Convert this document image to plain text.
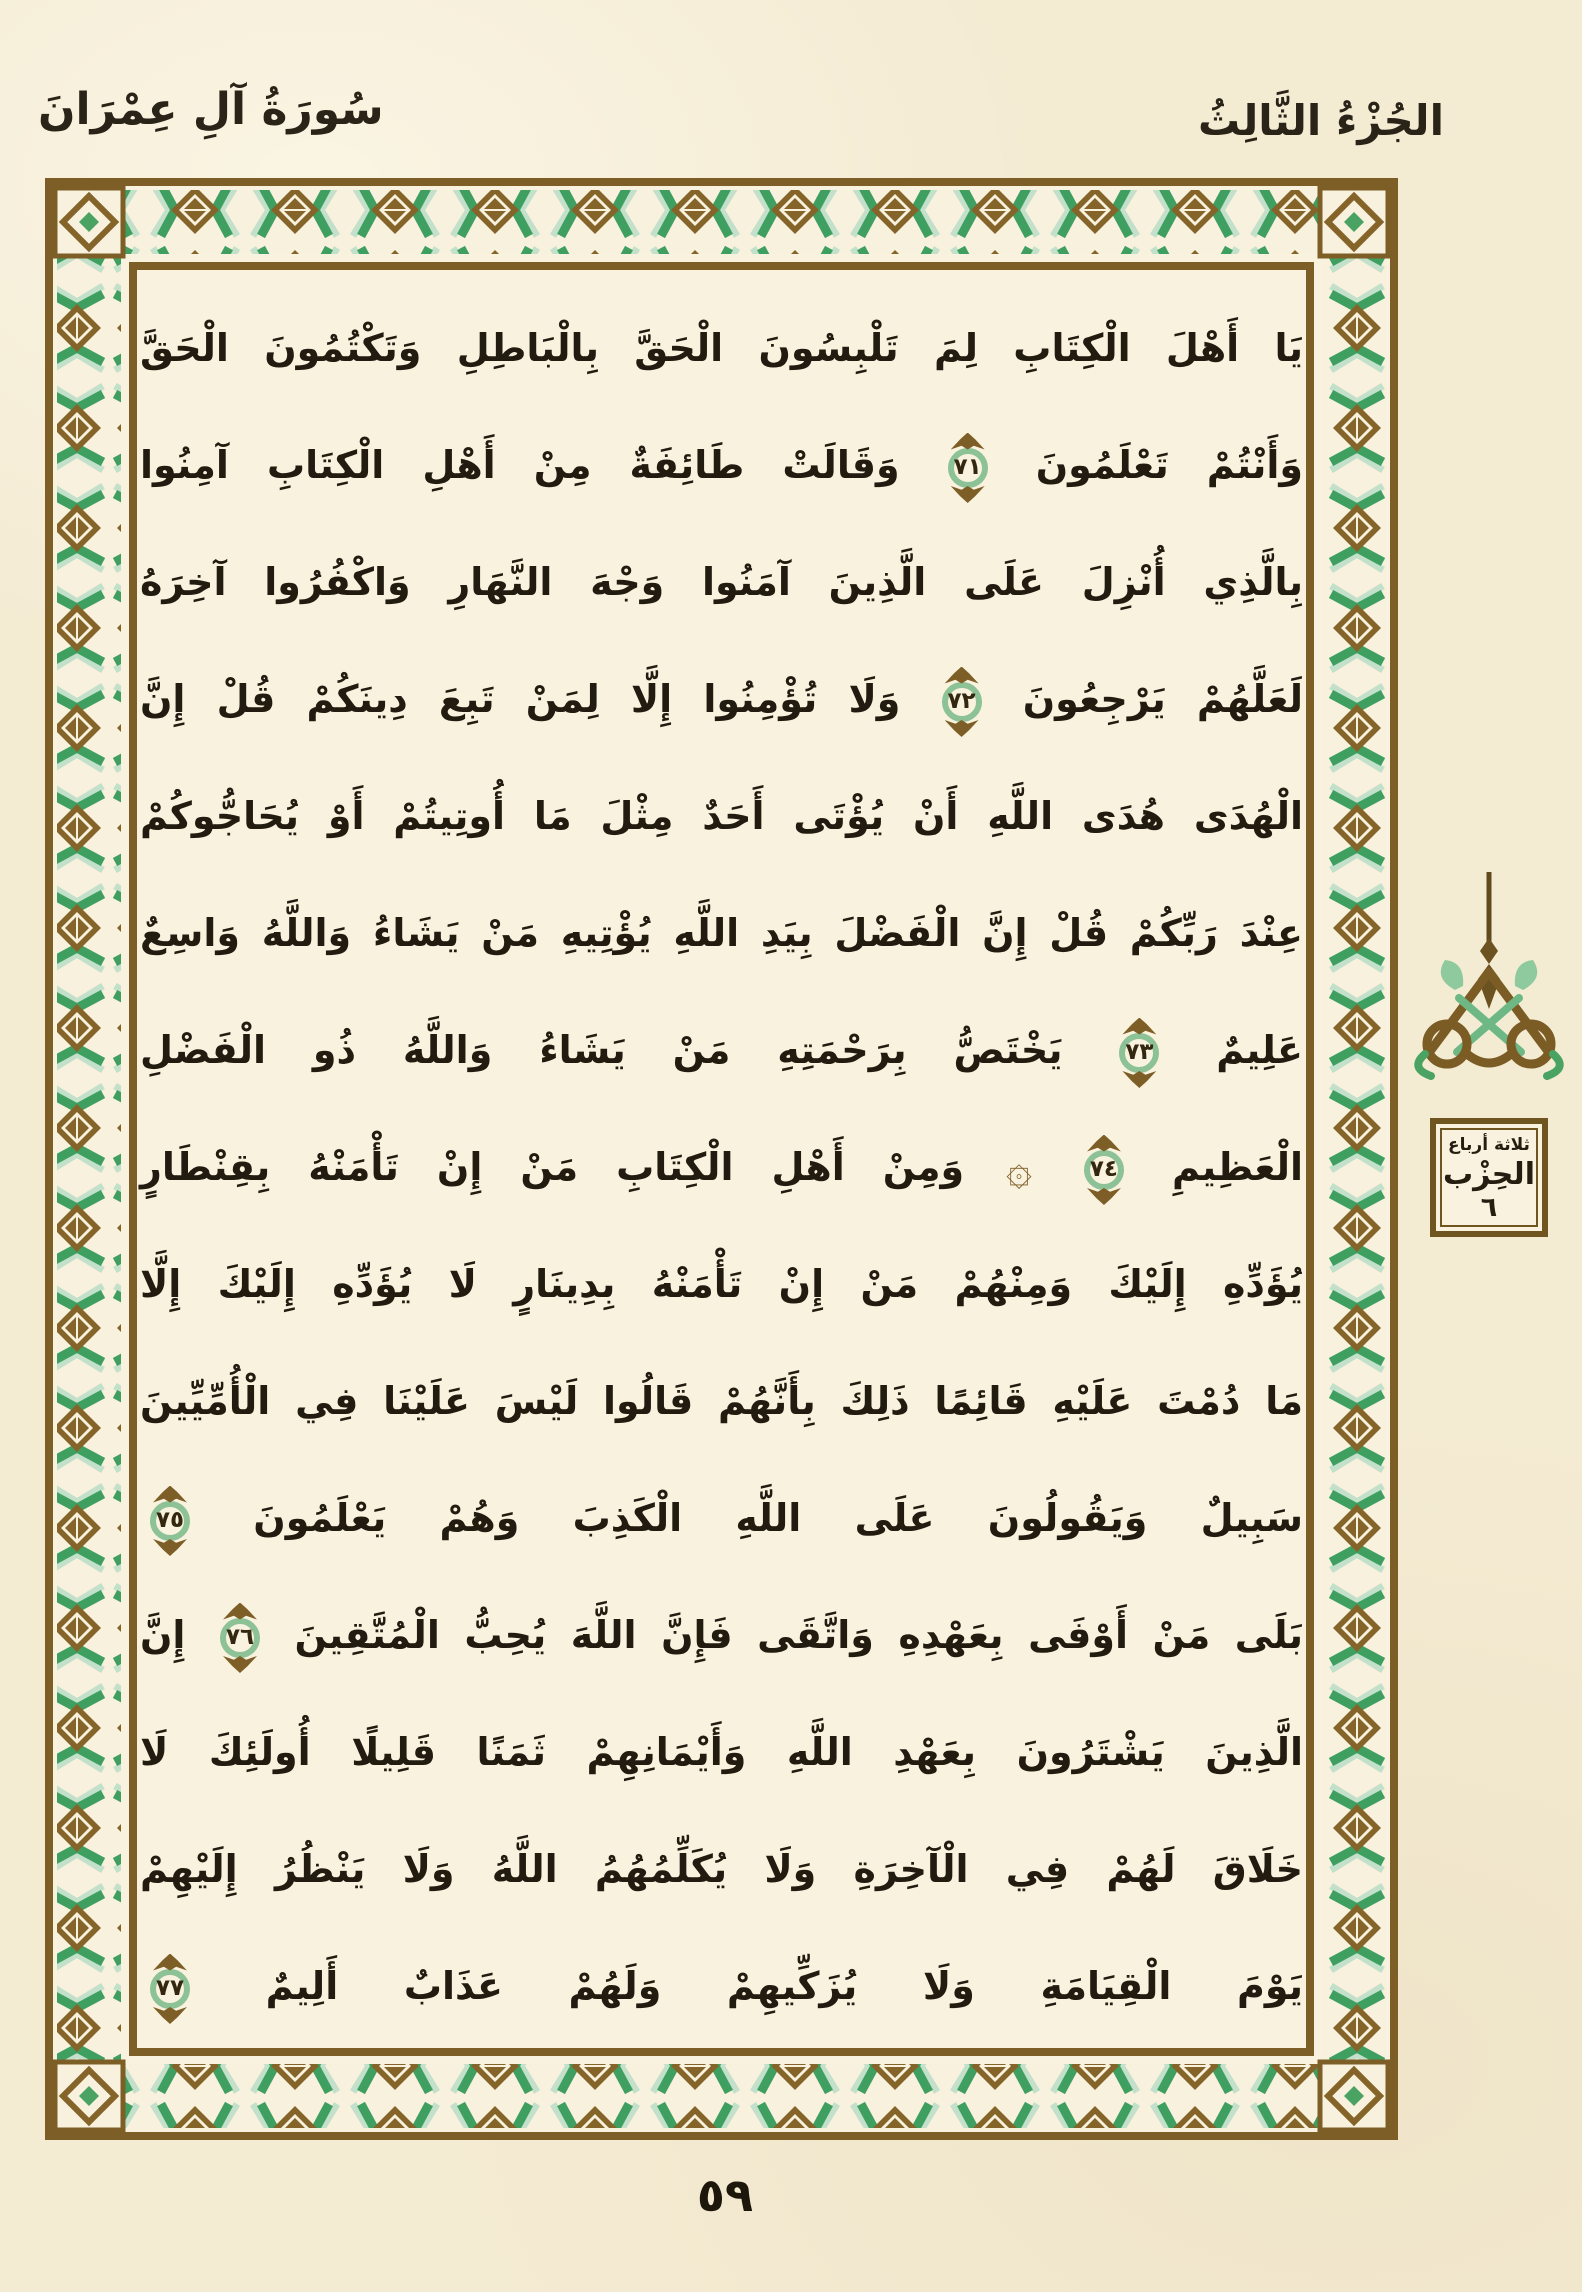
سُورَةُ آلِ عِمْرَانَ	الجُزْءُ الثَّالِثُ
يَا أَهْلَ الْكِتَابِ لِمَ تَلْبِسُونَ الْحَقَّ بِالْبَاطِلِ وَتَكْتُمُونَ الْحَقَّ
وَأَنْتُمْ تَعْلَمُونَ
٧١
وَقَالَتْ طَائِفَةٌ مِنْ أَهْلِ الْكِتَابِ آمِنُوا
بِالَّذِي أُنْزِلَ عَلَى الَّذِينَ آمَنُوا وَجْهَ النَّهَارِ وَاكْفُرُوا آخِرَهُ
لَعَلَّهُمْ يَرْجِعُونَ
٧٢
وَلَا تُؤْمِنُوا إِلَّا لِمَنْ تَبِعَ دِينَكُمْ قُلْ إِنَّ
الْهُدَى هُدَى اللَّهِ أَنْ يُؤْتَى أَحَدٌ مِثْلَ مَا أُوتِيتُمْ أَوْ يُحَاجُّوكُمْ
عِنْدَ رَبِّكُمْ قُلْ إِنَّ الْفَضْلَ بِيَدِ اللَّهِ يُؤْتِيهِ مَنْ يَشَاءُ وَاللَّهُ وَاسِعٌ
عَلِيمٌ
٧٣
يَخْتَصُّ بِرَحْمَتِهِ مَنْ يَشَاءُ وَاللَّهُ ذُو الْفَضْلِ
الْعَظِيمِ
٧٤
۞ وَمِنْ أَهْلِ الْكِتَابِ مَنْ إِنْ تَأْمَنْهُ بِقِنْطَارٍ
يُؤَدِّهِ إِلَيْكَ وَمِنْهُمْ مَنْ إِنْ تَأْمَنْهُ بِدِينَارٍ لَا يُؤَدِّهِ إِلَيْكَ إِلَّا
مَا دُمْتَ عَلَيْهِ قَائِمًا ذَلِكَ بِأَنَّهُمْ قَالُوا لَيْسَ عَلَيْنَا فِي الْأُمِّيِّينَ
سَبِيلٌ وَيَقُولُونَ عَلَى اللَّهِ الْكَذِبَ وَهُمْ يَعْلَمُونَ
٧٥
بَلَى مَنْ أَوْفَى بِعَهْدِهِ وَاتَّقَى فَإِنَّ اللَّهَ يُحِبُّ الْمُتَّقِينَ
٧٦
إِنَّ
الَّذِينَ يَشْتَرُونَ بِعَهْدِ اللَّهِ وَأَيْمَانِهِمْ ثَمَنًا قَلِيلًا أُولَئِكَ لَا
خَلَاقَ لَهُمْ فِي الْآخِرَةِ وَلَا يُكَلِّمُهُمُ اللَّهُ وَلَا يَنْظُرُ إِلَيْهِمْ
يَوْمَ الْقِيَامَةِ وَلَا يُزَكِّيهِمْ وَلَهُمْ عَذَابٌ أَلِيمٌ
٧٧
ثلاثة أرباع
الحِزْب
٦
٥٩
